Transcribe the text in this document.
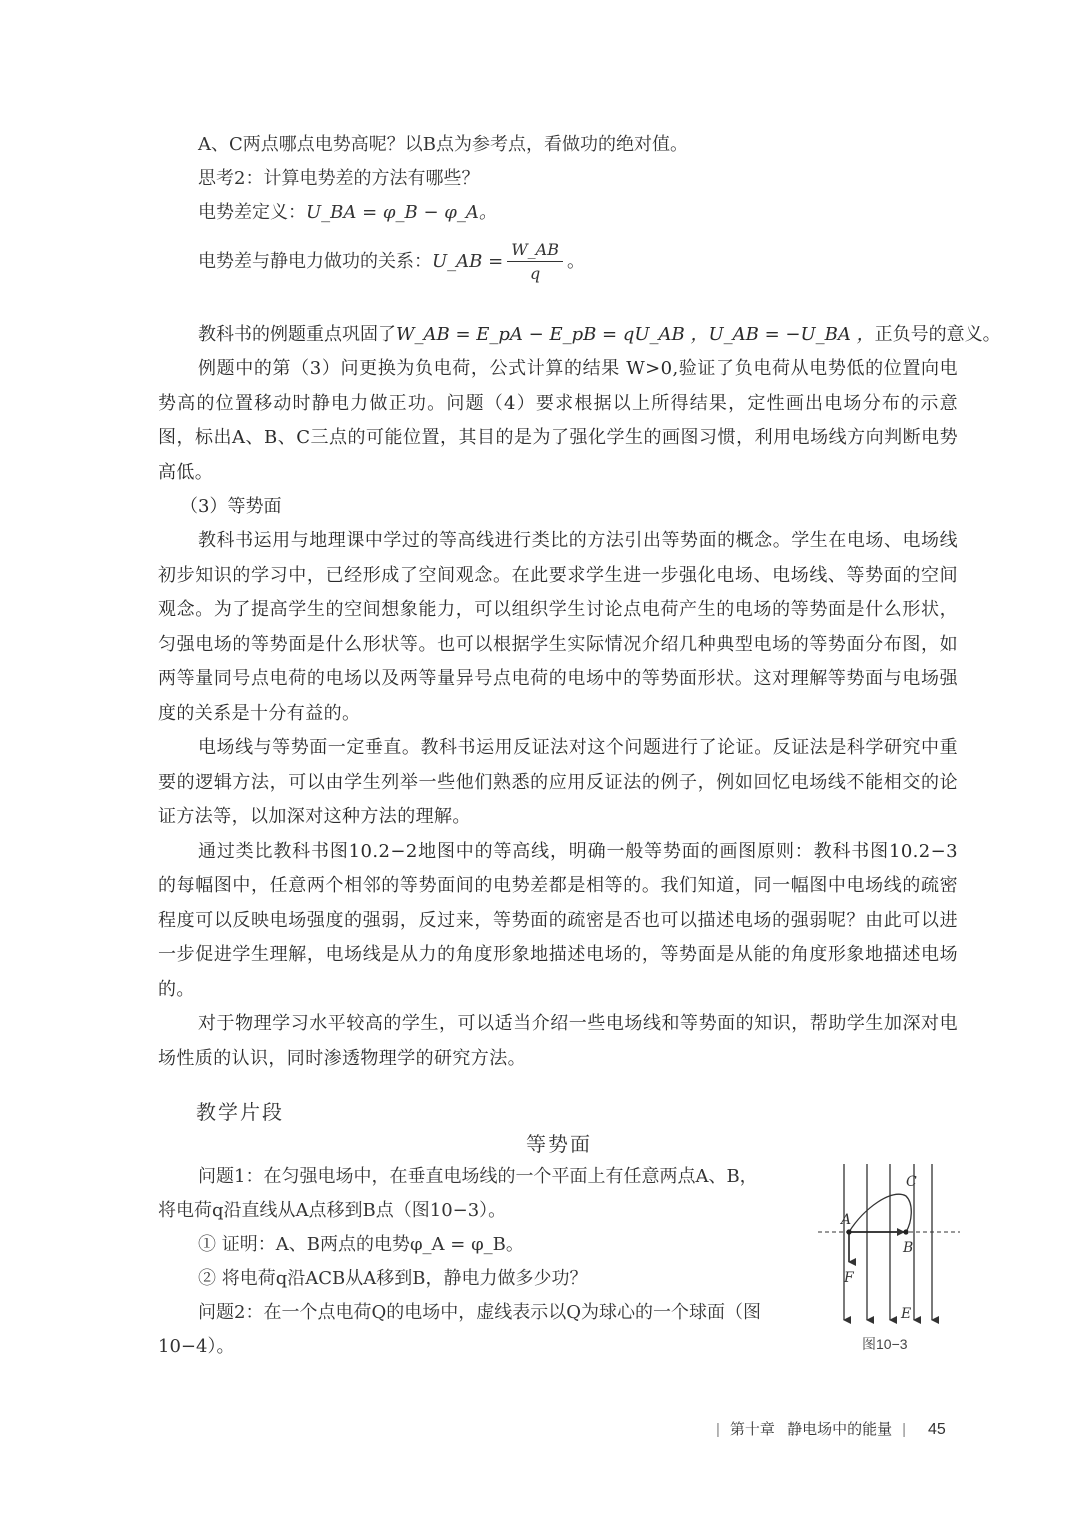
A、C两点哪点电势高呢？以B点为参考点，看做功的绝对值。
思考2：计算电势差的方法有哪些？
电势差定义：U_BA = φ_B − φ_A。
电势差与静电力做功的关系：U_AB = $\frac{W\_AB}{q}$ 。
教科书的例题重点巩固了W_AB = E_pA − E_pB = qU_AB ，U_AB = −U_BA ，正负号的意义。

例题中的第（3）问更换为负电荷，公式计算的结果 W>0,验证了负电荷从电势低的位置向电势高的位置移动时静电力做正功。问题（4）要求根据以上所得结果，定性画出电场分布的示意图，标出A、B、C三点的可能位置，其目的是为了强化学生的画图习惯，利用电场线方向判断电势高低。

（3）等势面

教科书运用与地理课中学过的等高线进行类比的方法引出等势面的概念。学生在电场、电场线初步知识的学习中，已经形成了空间观念。在此要求学生进一步强化电场、电场线、等势面的空间观念。为了提高学生的空间想象能力，可以组织学生讨论点电荷产生的电场的等势面是什么形状，匀强电场的等势面是什么形状等。也可以根据学生实际情况介绍几种典型电场的等势面分布图，如两等量同号点电荷的电场以及两等量异号点电荷的电场中的等势面形状。这对理解等势面与电场强度的关系是十分有益的。

电场线与等势面一定垂直。教科书运用反证法对这个问题进行了论证。反证法是科学研究中重要的逻辑方法，可以由学生列举一些他们熟悉的应用反证法的例子，例如回忆电场线不能相交的论证方法等，以加深对这种方法的理解。

通过类比教科书图10.2−2地图中的等高线，明确一般等势面的画图原则：教科书图10.2−3的每幅图中，任意两个相邻的等势面间的电势差都是相等的。我们知道，同一幅图中电场线的疏密程度可以反映电场强度的强弱，反过来，等势面的疏密是否也可以描述电场的强弱呢？由此可以进一步促进学生理解，电场线是从力的角度形象地描述电场的，等势面是从能的角度形象地描述电场的。

对于物理学习水平较高的学生，可以适当介绍一些电场线和等势面的知识，帮助学生加深对电场性质的认识，同时渗透物理学的研究方法。

教学片段
等势面
问题1：在匀强电场中，在垂直电场线的一个平面上有任意两点A、B，
将电荷q沿直线从A点移到B点（图10−3）。
① 证明：A、B两点的电势φ_A = φ_B。
② 将电荷q沿ACB从A移到B，静电力做多少功？
问题2：在一个点电荷Q的电场中，虚线表示以Q为球心的一个球面（图
10−4）。
A
B
C
F
E
图10−3
| 第十章 静电场中的能量 | 45
